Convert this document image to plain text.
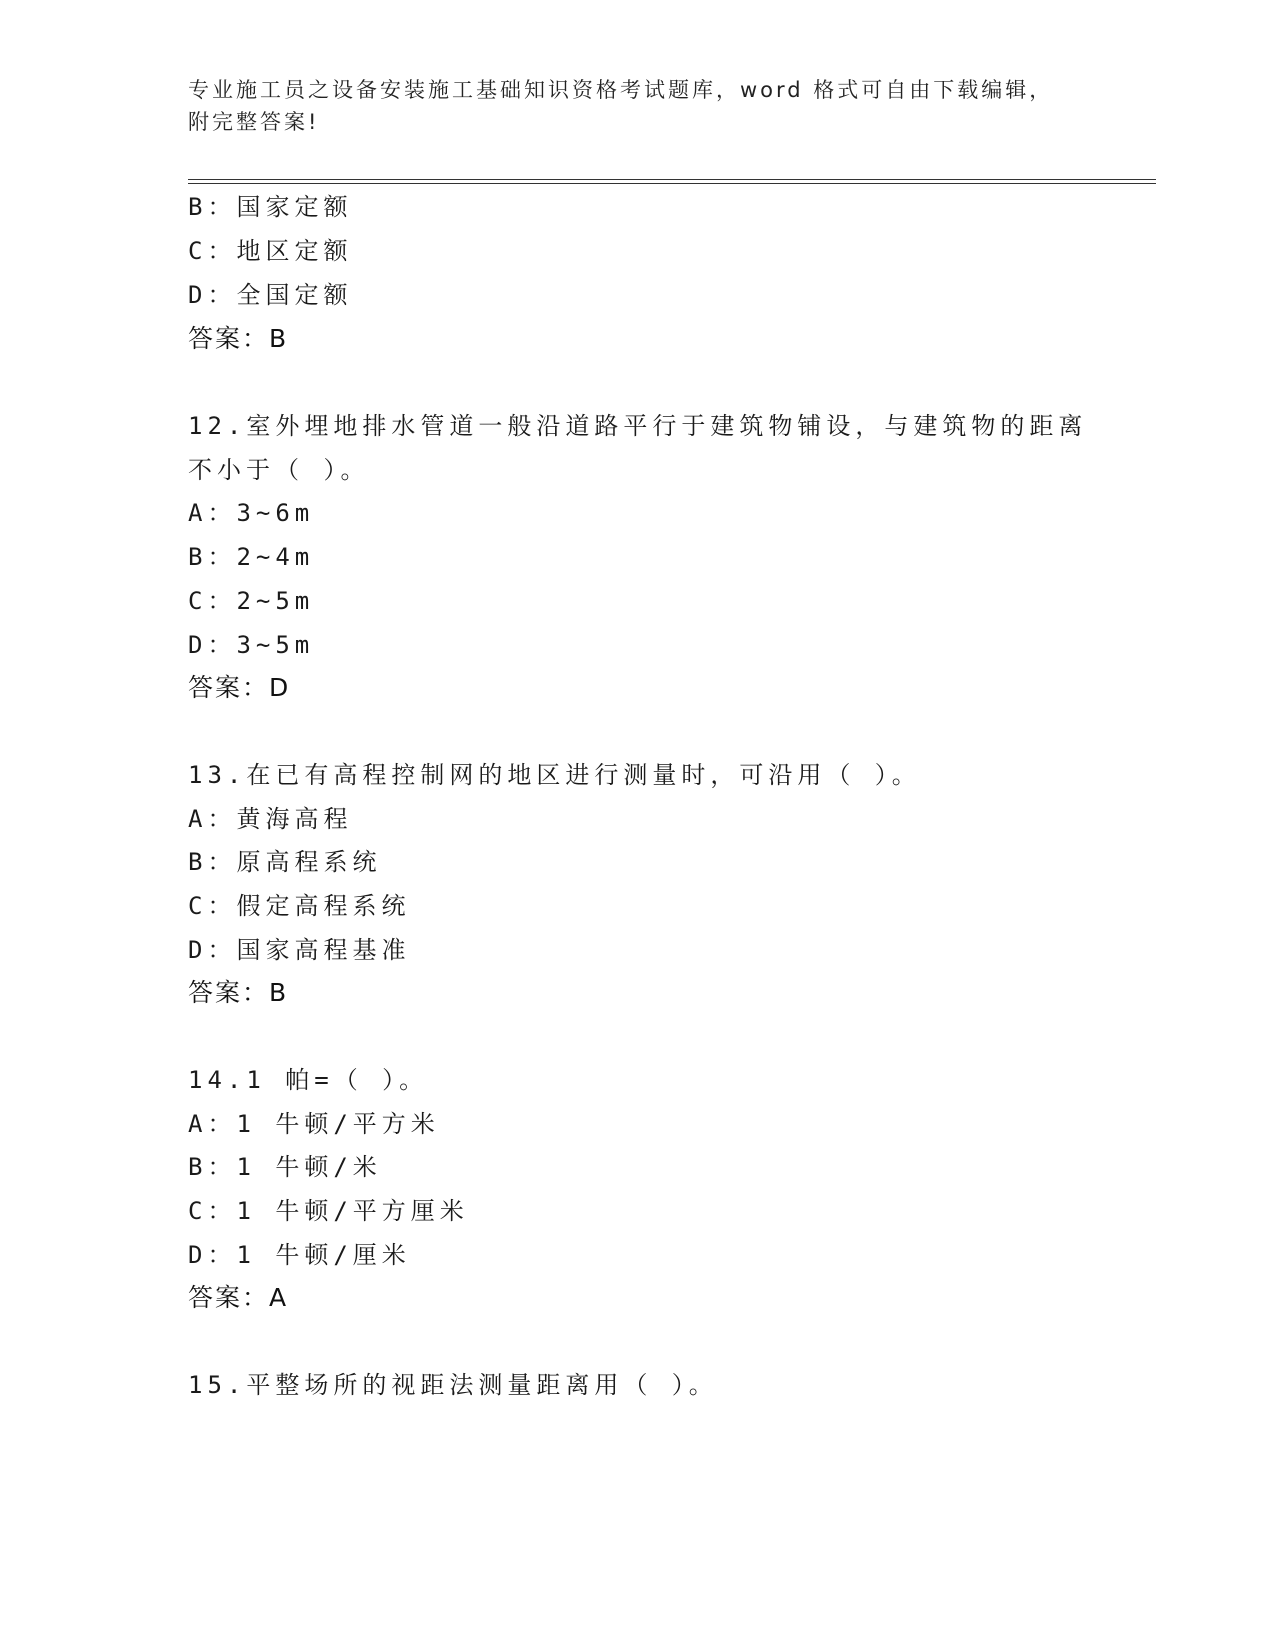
专业施工员之设备安装施工基础知识资格考试题库，word 格式可自由下载编辑，
附完整答案!
B：国家定额
C：地区定额
D：全国定额
答案：B
12.室外埋地排水管道一般沿道路平行于建筑物铺设，与建筑物的距离
不小于（ ）。
A：3~6m
B：2~4m
C：2~5m
D：3~5m
答案：D
13.在已有高程控制网的地区进行测量时，可沿用（ ）。
A：黄海高程
B：原高程系统
C：假定高程系统
D：国家高程基准
答案：B
14.1 帕=（ ）。
A：1 牛顿/平方米
B：1 牛顿/米
C：1 牛顿/平方厘米
D：1 牛顿/厘米
答案：A
15.平整场所的视距法测量距离用（ ）。
